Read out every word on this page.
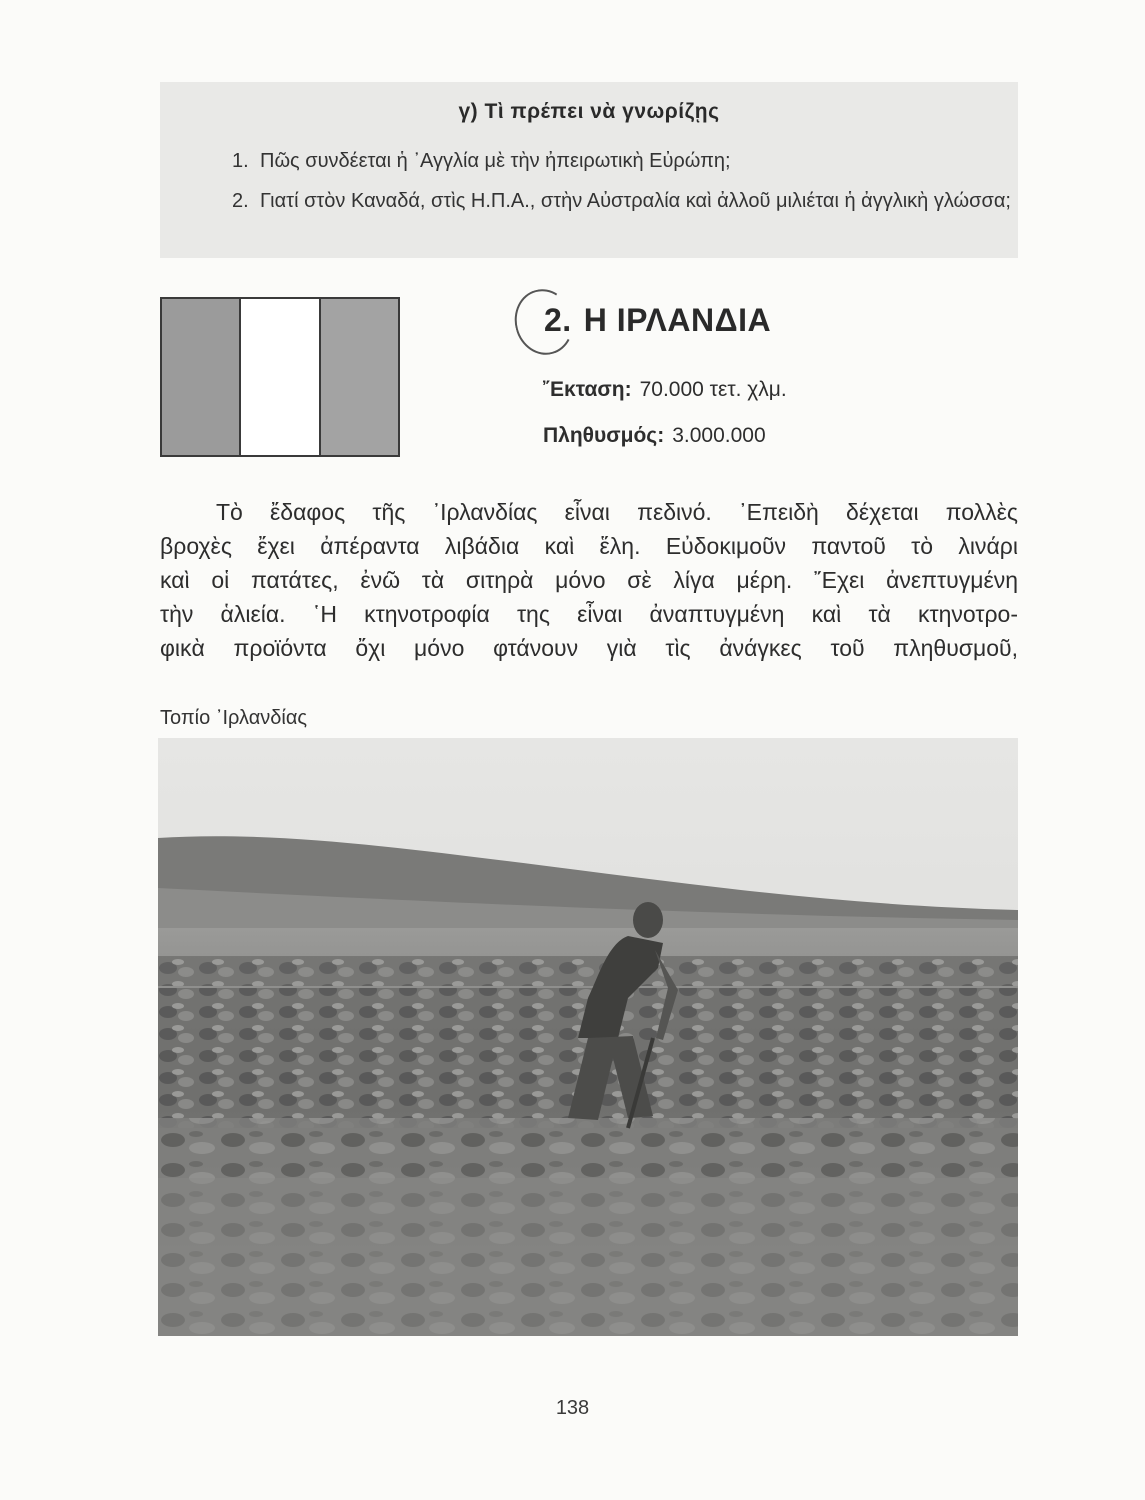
γ) Τὶ πρέπει νὰ γνωρίζῃς
1. Πῶς συνδέεται ἡ ᾽Αγγλία μὲ τὴν ἠπειρωτικὴ Εὐρώπη;
2. Γιατί στὸν Καναδά, στὶς Η.Π.Α., στὴν Αὐστραλία καὶ ἀλλοῦ μιλιέται ἡ ἀγγλικὴ γλώσσα;
2. Η ΙΡΛΑΝΔΙΑ
῎Εκταση: 70.000 τετ. χλμ.
Πληθυσμός: 3.000.000
Τὸ ἔδαφος τῆς ᾽Ιρλανδίας εἶναι πεδινό. ᾽Επειδὴ δέχεται πολλὲς
βροχὲς ἔχει ἀπέραντα λιβάδια καὶ ἕλη. Εὐδοκιμοῦν παντοῦ τὸ λινάρι
καὶ οἱ πατάτες, ἐνῶ τὰ σιτηρὰ μόνο σὲ λίγα μέρη. ῎Εχει ἀνεπτυγμένη
τὴν ἁλιεία. ῾Η κτηνοτροφία της εἶναι ἀναπτυγμένη καὶ τὰ κτηνοτρο-
φικὰ προϊόντα ὄχι μόνο φτάνουν γιὰ τὶς ἀνάγκες τοῦ πληθυσμοῦ,
Τοπίο ᾽Ιρλανδίας
138
